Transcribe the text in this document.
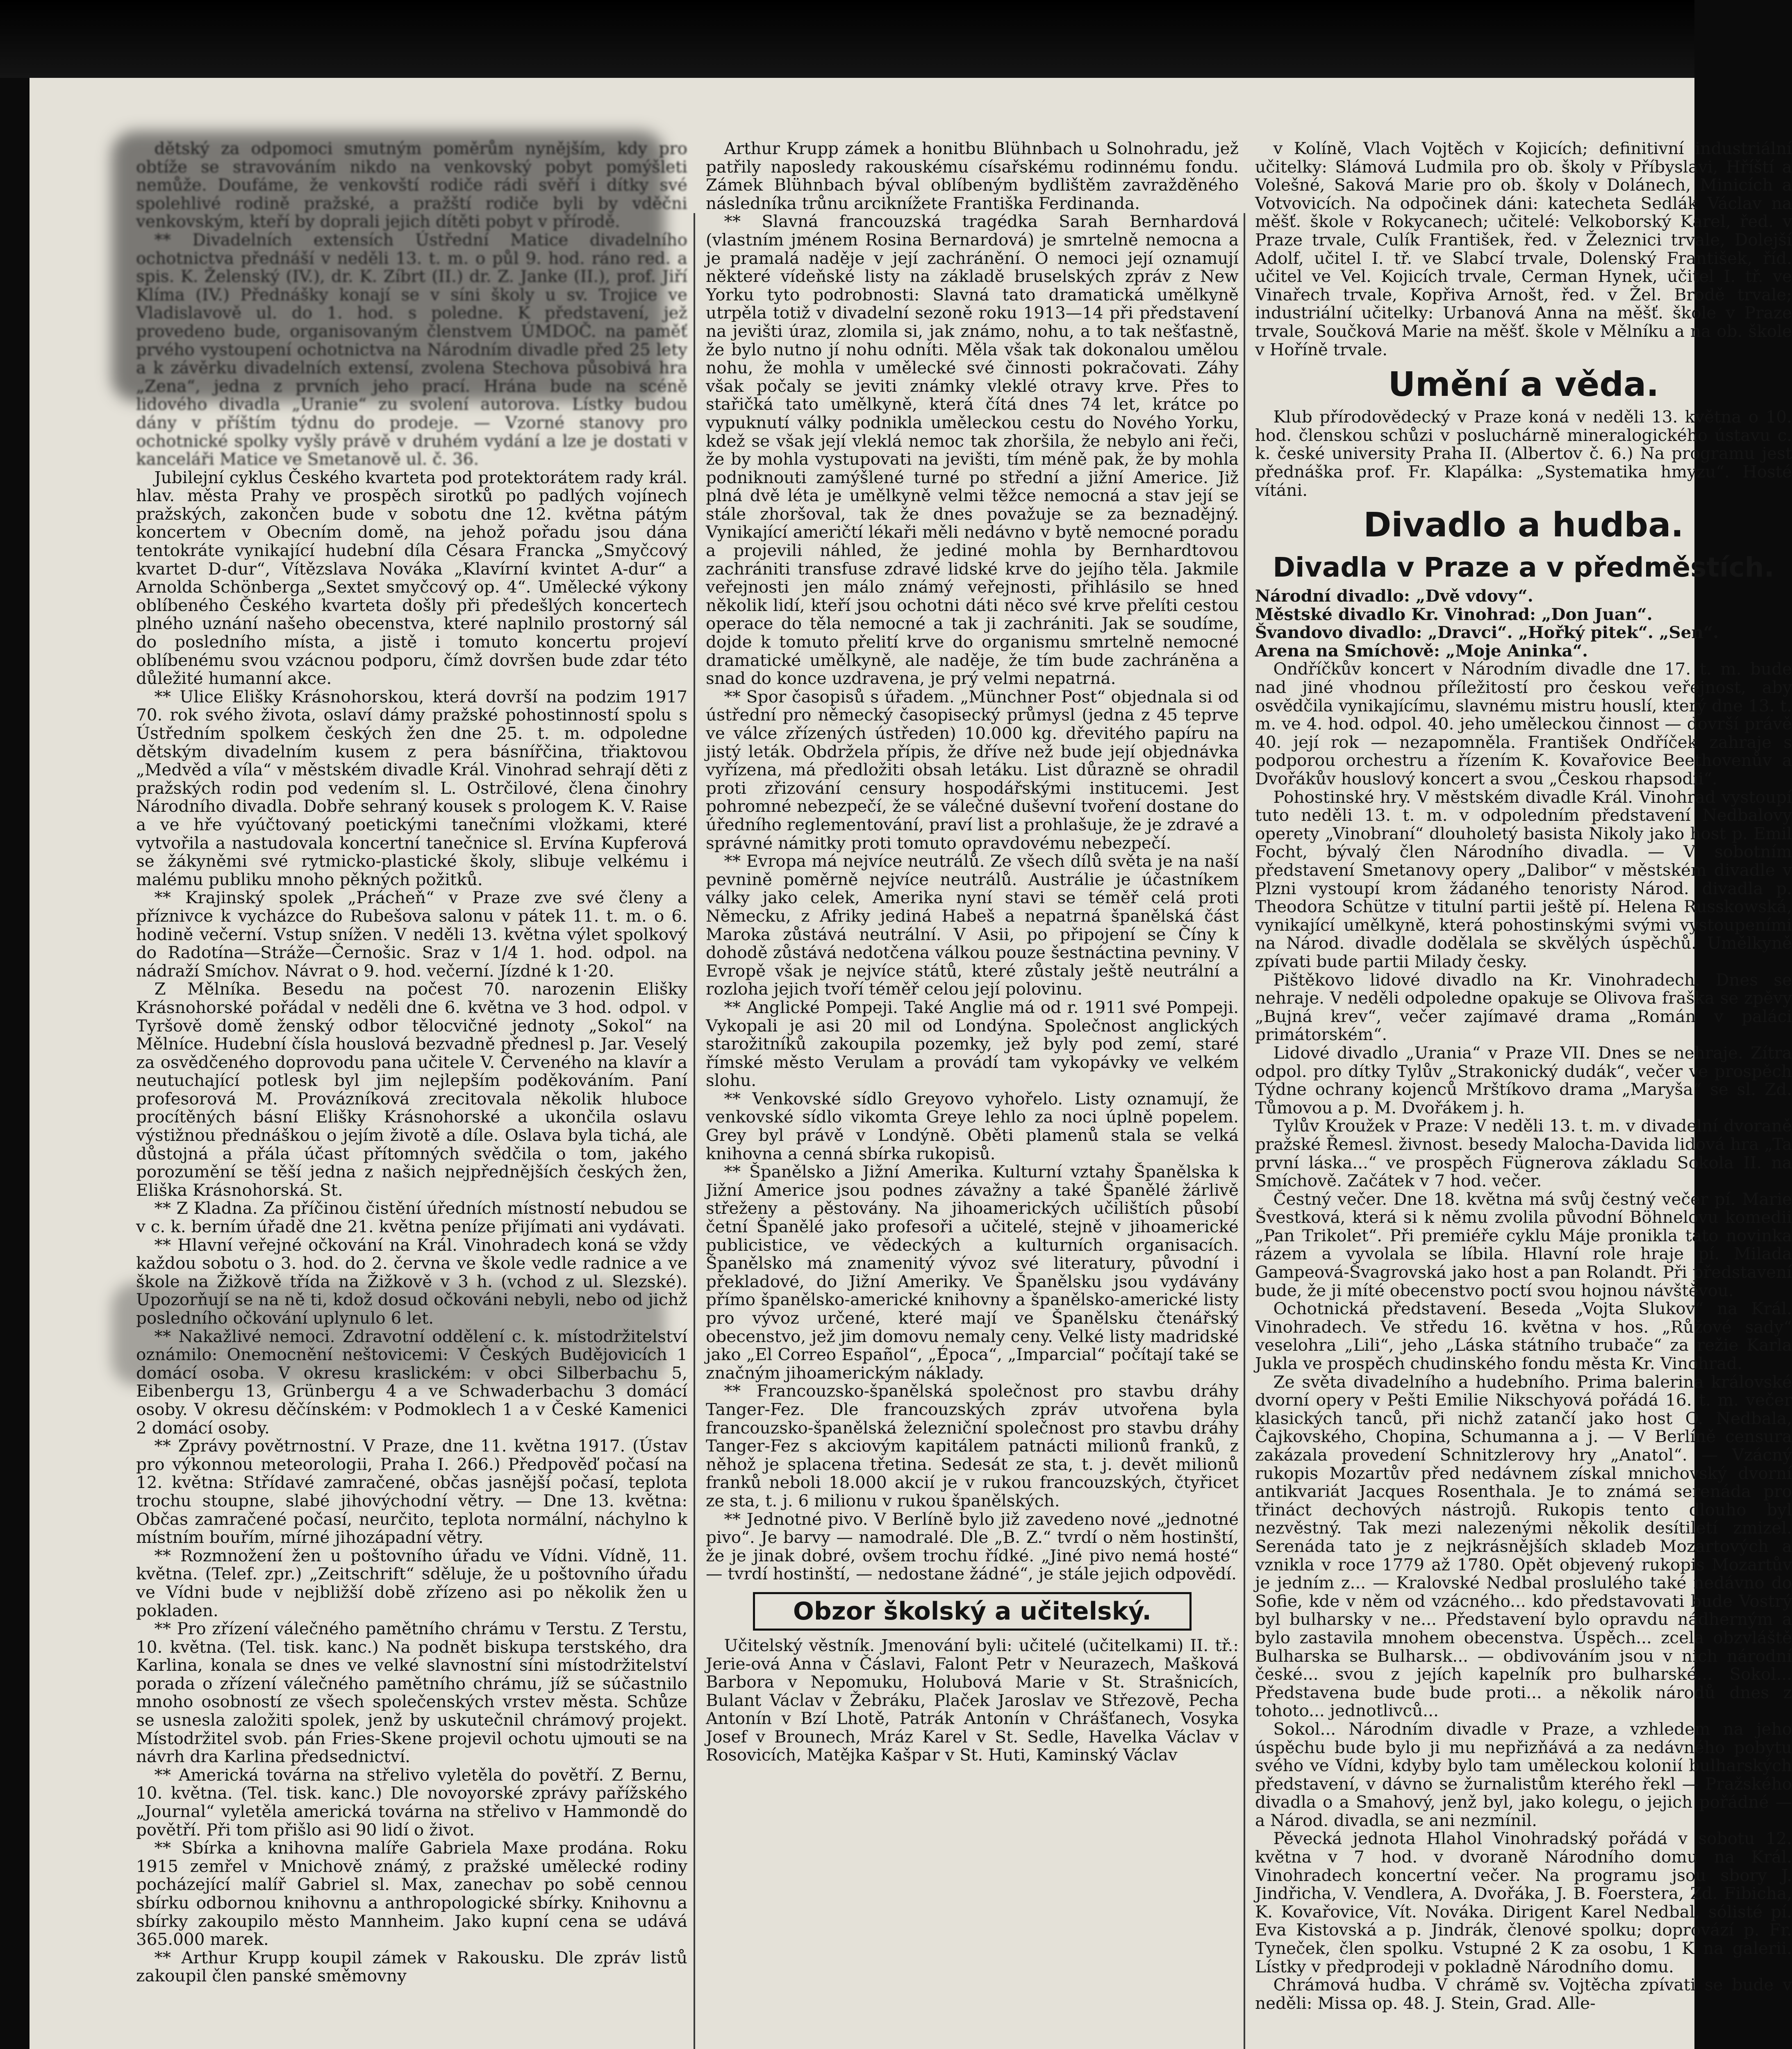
dětský za odpomoci smutným poměrům nynějším, kdy pro obtíže se stravováním nikdo na venkovský pobyt pomýšleti nemůže. Doufáme, že venkovští rodiče rádi svěří i dítky své spolehlivé rodině pražské, a pražští rodiče byli by vděčni venkovským, kteří by doprali jejich dítěti pobyt v přírodě.

** Divadelních extensích Ústřední Matice divadelního ochotnictva přednáší v neděli 13. t. m. o půl 9. hod. ráno red. a spis. K. Želenský (IV.), dr. K. Zíbrt (II.) dr. Z. Janke (II.), prof. Jiří Klíma (IV.) Přednášky konají se v síni školy u sv. Trojice ve Vladislavově ul. do 1. hod. s poledne. K představení, jež provedeno bude, organisovaným členstvem ÚMDOČ. na paměť prvého vystoupení ochotnictva na Národním divadle před 25 lety a k závěrku divadelních extensí, zvolena Stechova působivá hra „Zena“, jedna z prvních jeho prací. Hrána bude na scéně lidového divadla „Uranie“ zu svolení autorova. Lístky budou dány v příštím týdnu do prodeje. — Vzorné stanovy pro ochotnické spolky vyšly právě v druhém vydání a lze je dostati v kanceláři Matice ve Smetanově ul. č. 36.

Jubilejní cyklus Českého kvarteta pod protektorátem rady král. hlav. města Prahy ve prospěch sirotků po padlých vojínech pražských, zakončen bude v sobotu dne 12. května pátým koncertem v Obecním domě, na jehož pořadu jsou dána tentokráte vynikající hudební díla Césara Francka „Smyčcový kvartet D-dur“, Vítězslava Nováka „Klavírní kvintet A-dur“ a Arnolda Schönberga „Sextet smyčcový op. 4“. Umělecké výkony oblíbeného Českého kvarteta došly při předešlých koncertech plného uznání našeho obecenstva, které naplnilo prostorný sál do posledního místa, a jistě i tomuto koncertu projeví oblíbenému svou vzácnou podporu, čímž dovršen bude zdar této důležité humanní akce.

** Ulice Elišky Krásnohorskou, která dovrší na podzim 1917 70. rok svého života, oslaví dámy pražské pohostinností spolu s Ústředním spolkem českých žen dne 25. t. m. odpoledne dětským divadelním kusem z pera básnířčina, třiaktovou „Medvěd a víla“ v městském divadle Král. Vinohrad sehrají děti z pražských rodin pod vedením sl. L. Ostrčilové, člena činohry Národního divadla. Dobře sehraný kousek s prologem K. V. Raise a ve hře vyúčtovaný poetickými tanečními vložkami, které vytvořila a nastudovala koncertní tanečnice sl. Ervína Kupferová se žákyněmi své rytmicko-plastické školy, slibuje velkému i malému publiku mnoho pěkných požitků.

** Krajinský spolek „Prácheň“ v Praze zve své členy a příznivce k vycházce do Rubešova salonu v pátek 11. t. m. o 6. hodině večerní. Vstup snížen. V neděli 13. května výlet spolkový do Radotína—Stráže—Černošic. Sraz v 1/4 1. hod. odpol. na nádraží Smíchov. Návrat o 9. hod. večerní. Jízdné k 1·20.

Z Mělníka. Besedu na počest 70. narozenin Elišky Krásnohorské pořádal v neděli dne 6. května ve 3 hod. odpol. v Tyršově domě ženský odbor tělocvičné jednoty „Sokol“ na Mělníce. Hudební čísla houslová bezvadně přednesl p. Jar. Veselý za osvědčeného doprovodu pana učitele V. Červeného na klavír a neutuchající potlesk byl jim nejlepším poděkováním. Paní profesorová M. Provázníková zrecitovala několik hluboce procítěných básní Elišky Krásnohorské a ukončila oslavu výstižnou přednáškou o jejím životě a díle. Oslava byla tichá, ale důstojná a přála účast přítomných svědčila o tom, jakého porozumění se těší jedna z našich nejpřednějších českých žen, Eliška Krásnohorská. St.

** Z Kladna. Za příčinou čistění úředních místností nebudou se v c. k. berním úřadě dne 21. května peníze přijímati ani vydávati.

** Hlavní veřejné očkování na Král. Vinohradech koná se vždy každou sobotu o 3. hod. do 2. června ve škole vedle radnice a ve škole na Žižkově třída na Žižkově v 3 h. (vchod z ul. Slezské). Upozorňují se na ně ti, kdož dosud očkováni nebyli, nebo od jichž posledního očkování uplynulo 6 let.

** Nakažlivé nemoci. Zdravotní oddělení c. k. místodržitelství oznámilo: Onemocnění neštovicemi: V Českých Budějovicích 1 domácí osoba. V okresu kraslickém: v obci Silberbachu 5, Eibenbergu 13, Grünbergu 4 a ve Schwaderbachu 3 domácí osoby. V okresu děčínském: v Podmoklech 1 a v České Kamenici 2 domácí osoby.

** Zprávy povětrnostní. V Praze, dne 11. května 1917. (Ústav pro výkonnou meteorologii, Praha I. 266.) Předpověď počasí na 12. května: Střídavé zamračené, občas jasnější počasí, teplota trochu stoupne, slabé jihovýchodní větry. — Dne 13. května: Občas zamračené počasí, neurčito, teplota normální, náchylno k místním bouřím, mírné jihozápadní větry.

** Rozmnožení žen u poštovního úřadu ve Vídni. Vídně, 11. května. (Telef. zpr.) „Zeitschrift“ sděluje, že u poštovního úřadu ve Vídni bude v nejbližší době zřízeno asi po několik žen u pokladen.

** Pro zřízení válečného pamětního chrámu v Terstu. Z Terstu, 10. května. (Tel. tisk. kanc.) Na podnět biskupa terstského, dra Karlina, konala se dnes ve velké slavnostní síni místodržitelství porada o zřízení válečného pamětního chrámu, jíž se súčastnilo mnoho osobností ze všech společenských vrstev města. Schůze se usnesla založiti spolek, jenž by uskutečnil chrámový projekt. Místodržitel svob. pán Fries-Skene projevil ochotu ujmouti se na návrh dra Karlina předsednictví.

** Americká továrna na střelivo vyletěla do povětří. Z Bernu, 10. května. (Tel. tisk. kanc.) Dle novoyorské zprávy pařížského „Journal“ vyletěla americká továrna na střelivo v Hammondě do povětří. Při tom přišlo asi 90 lidí o život.

** Sbírka a knihovna malíře Gabriela Maxe prodána. Roku 1915 zemřel v Mnichově známý, z pražské umělecké rodiny pocházející malíř Gabriel sl. Max, zanechav po sobě cennou sbírku odbornou knihovnu a anthropologické sbírky. Knihovnu a sbírky zakoupilo město Mannheim. Jako kupní cena se udává 365.000 marek.

** Arthur Krupp koupil zámek v Rakousku. Dle zpráv listů zakoupil člen panské směmovny

Arthur Krupp zámek a honitbu Blühnbach u Solnohradu, jež patřily naposledy rakouskému císařskému rodinnému fondu. Zámek Blühnbach býval oblíbeným bydlištěm zavražděného následníka trůnu arciknížete Františka Ferdinanda.

** Slavná francouzská tragédka Sarah Bernhardová (vlastním jménem Rosina Bernardová) je smrtelně nemocna a je pramalá naděje v její zachránění. O nemoci její oznamují některé vídeňské listy na základě bruselských zpráv z New Yorku tyto podrobnosti: Slavná tato dramatická umělkyně utrpěla totiž v divadelní sezoně roku 1913—14 při představení na jevišti úraz, zlomila si, jak známo, nohu, a to tak nešťastně, že bylo nutno jí nohu odníti. Měla však tak dokonalou umělou nohu, že mohla v umělecké své činnosti pokračovati. Záhy však počaly se jeviti známky vleklé otravy krve. Přes to stařičká tato umělkyně, která čítá dnes 74 let, krátce po vypuknutí války podnikla uměleckou cestu do Nového Yorku, kdež se však její vleklá nemoc tak zhoršila, že nebylo ani řeči, že by mohla vystupovati na jevišti, tím méně pak, že by mohla podniknouti zamýšlené turné po střední a jižní Americe. Již plná dvě léta je umělkyně velmi těžce nemocná a stav její se stále zhoršoval, tak že dnes považuje se za beznadějný. Vynikající američtí lékaři měli nedávno v bytě nemocné poradu a projevili náhled, že jediné mohla by Bernhardtovou zachrániti transfuse zdravé lidské krve do jejího těla. Jakmile veřejnosti jen málo známý veřejnosti, přihlásilo se hned několik lidí, kteří jsou ochotni dáti něco své krve přelíti cestou operace do těla nemocné a tak ji zachrániti. Jak se soudíme, dojde k tomuto přelití krve do organismu smrtelně nemocné dramatické umělkyně, ale naděje, že tím bude zachráněna a snad do konce uzdravena, je prý velmi nepatrná.

** Spor časopisů s úřadem. „Münchner Post“ objednala si od ústřední pro německý časopisecký průmysl (jedna z 45 teprve ve válce zřízených ústředen) 10.000 kg. dřevitého papíru na jistý leták. Obdržela přípis, že dříve než bude její objednávka vyřízena, má předložiti obsah letáku. List důrazně se ohradil proti zřizování censury hospodářskými institucemi. Jest pohromné nebezpečí, že se válečné duševní tvoření dostane do úředního reglementování, praví list a prohlašuje, že je zdravé a správné námitky proti tomuto opravdovému nebezpečí.

** Evropa má nejvíce neutrálů. Ze všech dílů světa je na naší pevnině poměrně nejvíce neutrálů. Austrálie je účastníkem války jako celek, Amerika nyní stavi se téměř celá proti Německu, z Afriky jediná Habeš a nepatrná španělská část Maroka zůstává neutrální. V Asii, po připojení se Číny k dohodě zůstává nedotčena válkou pouze šestnáctina pevniny. V Evropě však je nejvíce států, které zůstaly ještě neutrální a rozloha jejich tvoří téměř celou její polovinu.

** Anglické Pompeji. Také Anglie má od r. 1911 své Pompeji. Vykopali je asi 20 mil od Londýna. Společnost anglických starožitníků zakoupila pozemky, jež byly pod zemí, staré římské město Verulam a provádí tam vykopávky ve velkém slohu.

** Venkovské sídlo Greyovo vyhořelo. Listy oznamují, že venkovské sídlo vikomta Greye lehlo za noci úplně popelem. Grey byl právě v Londýně. Oběti plamenů stala se velká knihovna a cenná sbírka rukopisů.

** Španělsko a Jižní Amerika. Kulturní vztahy Španělska k Jižní Americe jsou podnes závažny a také Španělé žárlivě střeženy a pěstovány. Na jihoamerických učilištích působí četní Španělé jako profesoři a učitelé, stejně v jihoamerické publicistice, ve vědeckých a kulturních organisacích. Španělsko má znamenitý vývoz své literatury, původní i překladové, do Jižní Ameriky. Ve Španělsku jsou vydávány přímo španělsko-americké knihovny a španělsko-americké listy pro vývoz určené, které mají ve Španělsku čtenářský obecenstvo, jež jim domovu nemaly ceny. Velké listy madridské jako „El Correo Español“, „Época“, „Imparcial“ počítají také se značným jihoamerickým náklady.

** Francouzsko-španělská společnost pro stavbu dráhy Tanger-Fez. Dle francouzských zpráv utvořena byla francouzsko-španělská železniční společnost pro stavbu dráhy Tanger-Fez s akciovým kapitálem patnácti milionů franků, z něhož je splacena třetina. Sedesát ze sta, t. j. devět milionů franků neboli 18.000 akcií je v rukou francouzských, čtyřicet ze sta, t. j. 6 milionu v rukou španělských.

** Jednotné pivo. V Berlíně bylo již zavedeno nové „jednotné pivo“. Je barvy — namodralé. Dle „B. Z.“ tvrdí o něm hostinští, že je jinak dobré, ovšem trochu řídké. „Jiné pivo nemá hosté“ — tvrdí hostinští, — nedostane žádné“, je stále jejich odpovědí.

Obzor školský a učitelský.

Učitelský věstník. Jmenování byli: učitelé (učitelkami) II. tř.: Jerie-ová Anna v Čáslavi, Falont Petr v Neurazech, Mašková Barbora v Nepomuku, Holubová Marie v St. Strašnicích, Bulant Václav v Žebráku, Plaček Jaroslav ve Střezově, Pecha Antonín v Bzí Lhotě, Patrák Antonín v Chrášťanech, Vosyka Josef v Brounech, Mráz Karel v St. Sedle, Havelka Václav v Rosovicích, Matějka Kašpar v St. Huti, Kaminský Václav

v Kolíně, Vlach Vojtěch v Kojicích; definitivní industriální učitelky: Slámová Ludmila pro ob. školy v Příbyslavi, Hříští a Volešné, Saková Marie pro ob. školy v Dolánech, Minicích a Votvovicích. Na odpočinek dáni: katecheta Sedlák Václav na měšť. škole v Rokycanech; učitelé: Velkoborský Karel, řed. v Praze trvale, Culík František, řed. v Železnici trvale, Dolejší Adolf, učitel I. tř. ve Slabcí trvale, Dolenský František, říd. učitel ve Vel. Kojicích trvale, Cerman Hynek, učitel I. tř. ve Vinařech trvale, Kopřiva Arnošt, řed. v Žel. Brodě trvale; industriální učitelky: Urbanová Anna na měšť. škole v Praze trvale, Součková Marie na měšť. škole v Mělníku a na ob. škole v Hoříně trvale.

Umění a věda.

Klub přírodovědecký v Praze koná v neděli 13. května o 10. hod. členskou schůzi v posluchárně mineralogického ústavu c. k. české university Praha II. (Albertov č. 6.) Na programu jest přednáška prof. Fr. Klapálka: „Systematika hmyzu“. Hosté vítáni.

Divadlo a hudba.
Divadla v Praze a v předměstích.

Národní divadlo: „Dvě vdovy“.

Městské divadlo Kr. Vinohrad: „Don Juan“.

Švandovo divadlo: „Dravci“. „Hořký pitek“. „Sen“.

Arena na Smíchově: „Moje Aninka“.

Ondříčkův koncert v Národním divadle dne 17. t. m. bude nad jiné vhodnou příležitostí pro českou veřejnost, aby osvědčila vynikajícímu, slavnému mistru houslí, který dne 13. t. m. ve 4. hod. odpol. 40. jeho uměleckou činnost — dovrší právě 40. její rok — nezapomněla. František Ondříček zahraje s podporou orchestru a řízením K. Kovařovice Beethovenův a Dvořákův houslový koncert a svou „Českou rhapsodii“.

Pohostinské hry. V městském divadle Král. Vinohrad vystoupí tuto neděli 13. t. m. v odpoledním představení Nedbalovy operety „Vinobraní“ dlouholetý basista Nikoly jako host p. Emil Focht, bývalý člen Národního divadla. — V sobotním představení Smetanovy opery „Dalibor“ v městském divadle v Plzni vystoupí krom žádaného tenoristy Národ. divadla p. Theodora Schütze v titulní partii ještě pí. Helena Russkowská, vynikající umělkyně, která pohostinskými svými vystoupeními na Národ. divadle dodělala se skvělých úspěchů. Umělkyně zpívati bude partii Milady česky.

Pištěkovo lidové divadlo na Kr. Vinohradech. Dnes se nehraje. V neděli odpoledne opakuje se Olivova fraška se zpěvy „Bujná krev“, večer zajímavé drama „Román v paláci primátorském“.

Lidové divadlo „Urania“ v Praze VII. Dnes se nehraje. Zítra odpol. pro dítky Tylův „Strakonický dudák“, večer ve prospěch Týdne ochrany kojenců Mrštíkovo drama „Maryša“ se sl. Zd. Tůmovou a p. M. Dvořákem j. h.

Tylův Kroužek v Praze: V neděli 13. t. m. v divadelní dvoraně pražské Řemesl. živnost. besedy Malocha-Davida lidová hra „Ta první láska...“ ve prospěch Fügnerova základu Sokola II. na Smíchově. Začátek v 7 hod. večer.

Čestný večer. Dne 18. května má svůj čestný večer pí. Marie Švestková, která si k němu zvolila původní Böhnelovu komedii „Pan Trikolet“. Při premiéře cyklu Máje pronikla tato novinka rázem a vyvolala se líbila. Hlavní role hraje pí. Milada Gampeová-Švagrovská jako host a pan Rolandt. Při představení bude, že ji míté obecenstvo poctí svou hojnou návštěvou.

Ochotnická představení. Beseda „Vojta Slukov“ na Král. Vinohradech. Ve středu 16. května v hos. „Růžové sady“ veselohra „Lili“, jeho „Láska státního trubače“ za režie Karla Jukla ve prospěch chudinského fondu města Kr. Vinohrad.

Ze světa divadelního a hudebního. Prima balerina královské dvorní opery v Pešti Emilie Nikschyová pořádá 16. t. m. večer klasických tanců, při nichž zatančí jako host O. Nedbala, Čajkovského, Chopina, Schumanna a j. — V Berlíně censura zakázala provedení Schnitzlerovy hry „Anatol“. — Vzácný rukopis Mozartův před nedávnem získal mnichovský dvorní antikvariát Jacques Rosenthala. Je to známá serenáda pro třináct dechových nástrojů. Rukopis tento dlouho byl nezvěstný. Tak mezi nalezenými několik desítiletí zmizel. Serenáda tato je z nejkrásnějších skladeb Mozartových a vznikla v roce 1779 až 1780. Opět objevený rukopis Mozartův je jedním z... — Kralovské Nedbal proslulého také nedávno do Sofie, kde v něm od vzácného... kdo představovati bude Vostrý byl bulharsky v ne... Představení bylo opravdu nádherným a bylo zastavila mnohem obecenstva. Úspěch... zcela obzvláště Bulharska se Bulharsk... — obdivováním jsou v nich národní české... svou z jejích kapelník pro bulharské... Sokol... Představena bude bude proti... a několik národů dnes z tohoto... jednotlivců...

Sokol... Národním divadle v Praze, a vzhledem na jeho úspěchu bude bylo ji mu nepřizňává a za nedávného pobytu svého ve Vídni, kdyby bylo tam uměleckou kolonií bulharských představení, v dávno se žurnalistům kterého řekl — Pražského divadla o a Smahový, jenž byl, jako kolegu, o jejich pořádné — a Národ. divadla, se ani nezmínil.

Pěvecká jednota Hlahol Vinohradský pořádá v sobotu 12. května v 7 hod. v dvoraně Národního domu na Král. Vinohradech koncertní večer. Na programu jsou sbory J. Jindřicha, V. Vendlera, A. Dvořáka, J. B. Foerstera, Zd. Fibicha, K. Kovařovice, Vít. Nováka. Dirigent Karel Nedbal, sólisté pí. Eva Kistovská a p. Jindrák, členové spolku; doprovází p. Fr. Tyneček, člen spolku. Vstupné 2 K za osobu, 1 K na galerii. Lístky v předprodeji v pokladně Národního domu.

Chrámová hudba. V chrámě sv. Vojtěcha zpívati se bude v neděli: Missa op. 48. J. Stein, Grad. Alle-
